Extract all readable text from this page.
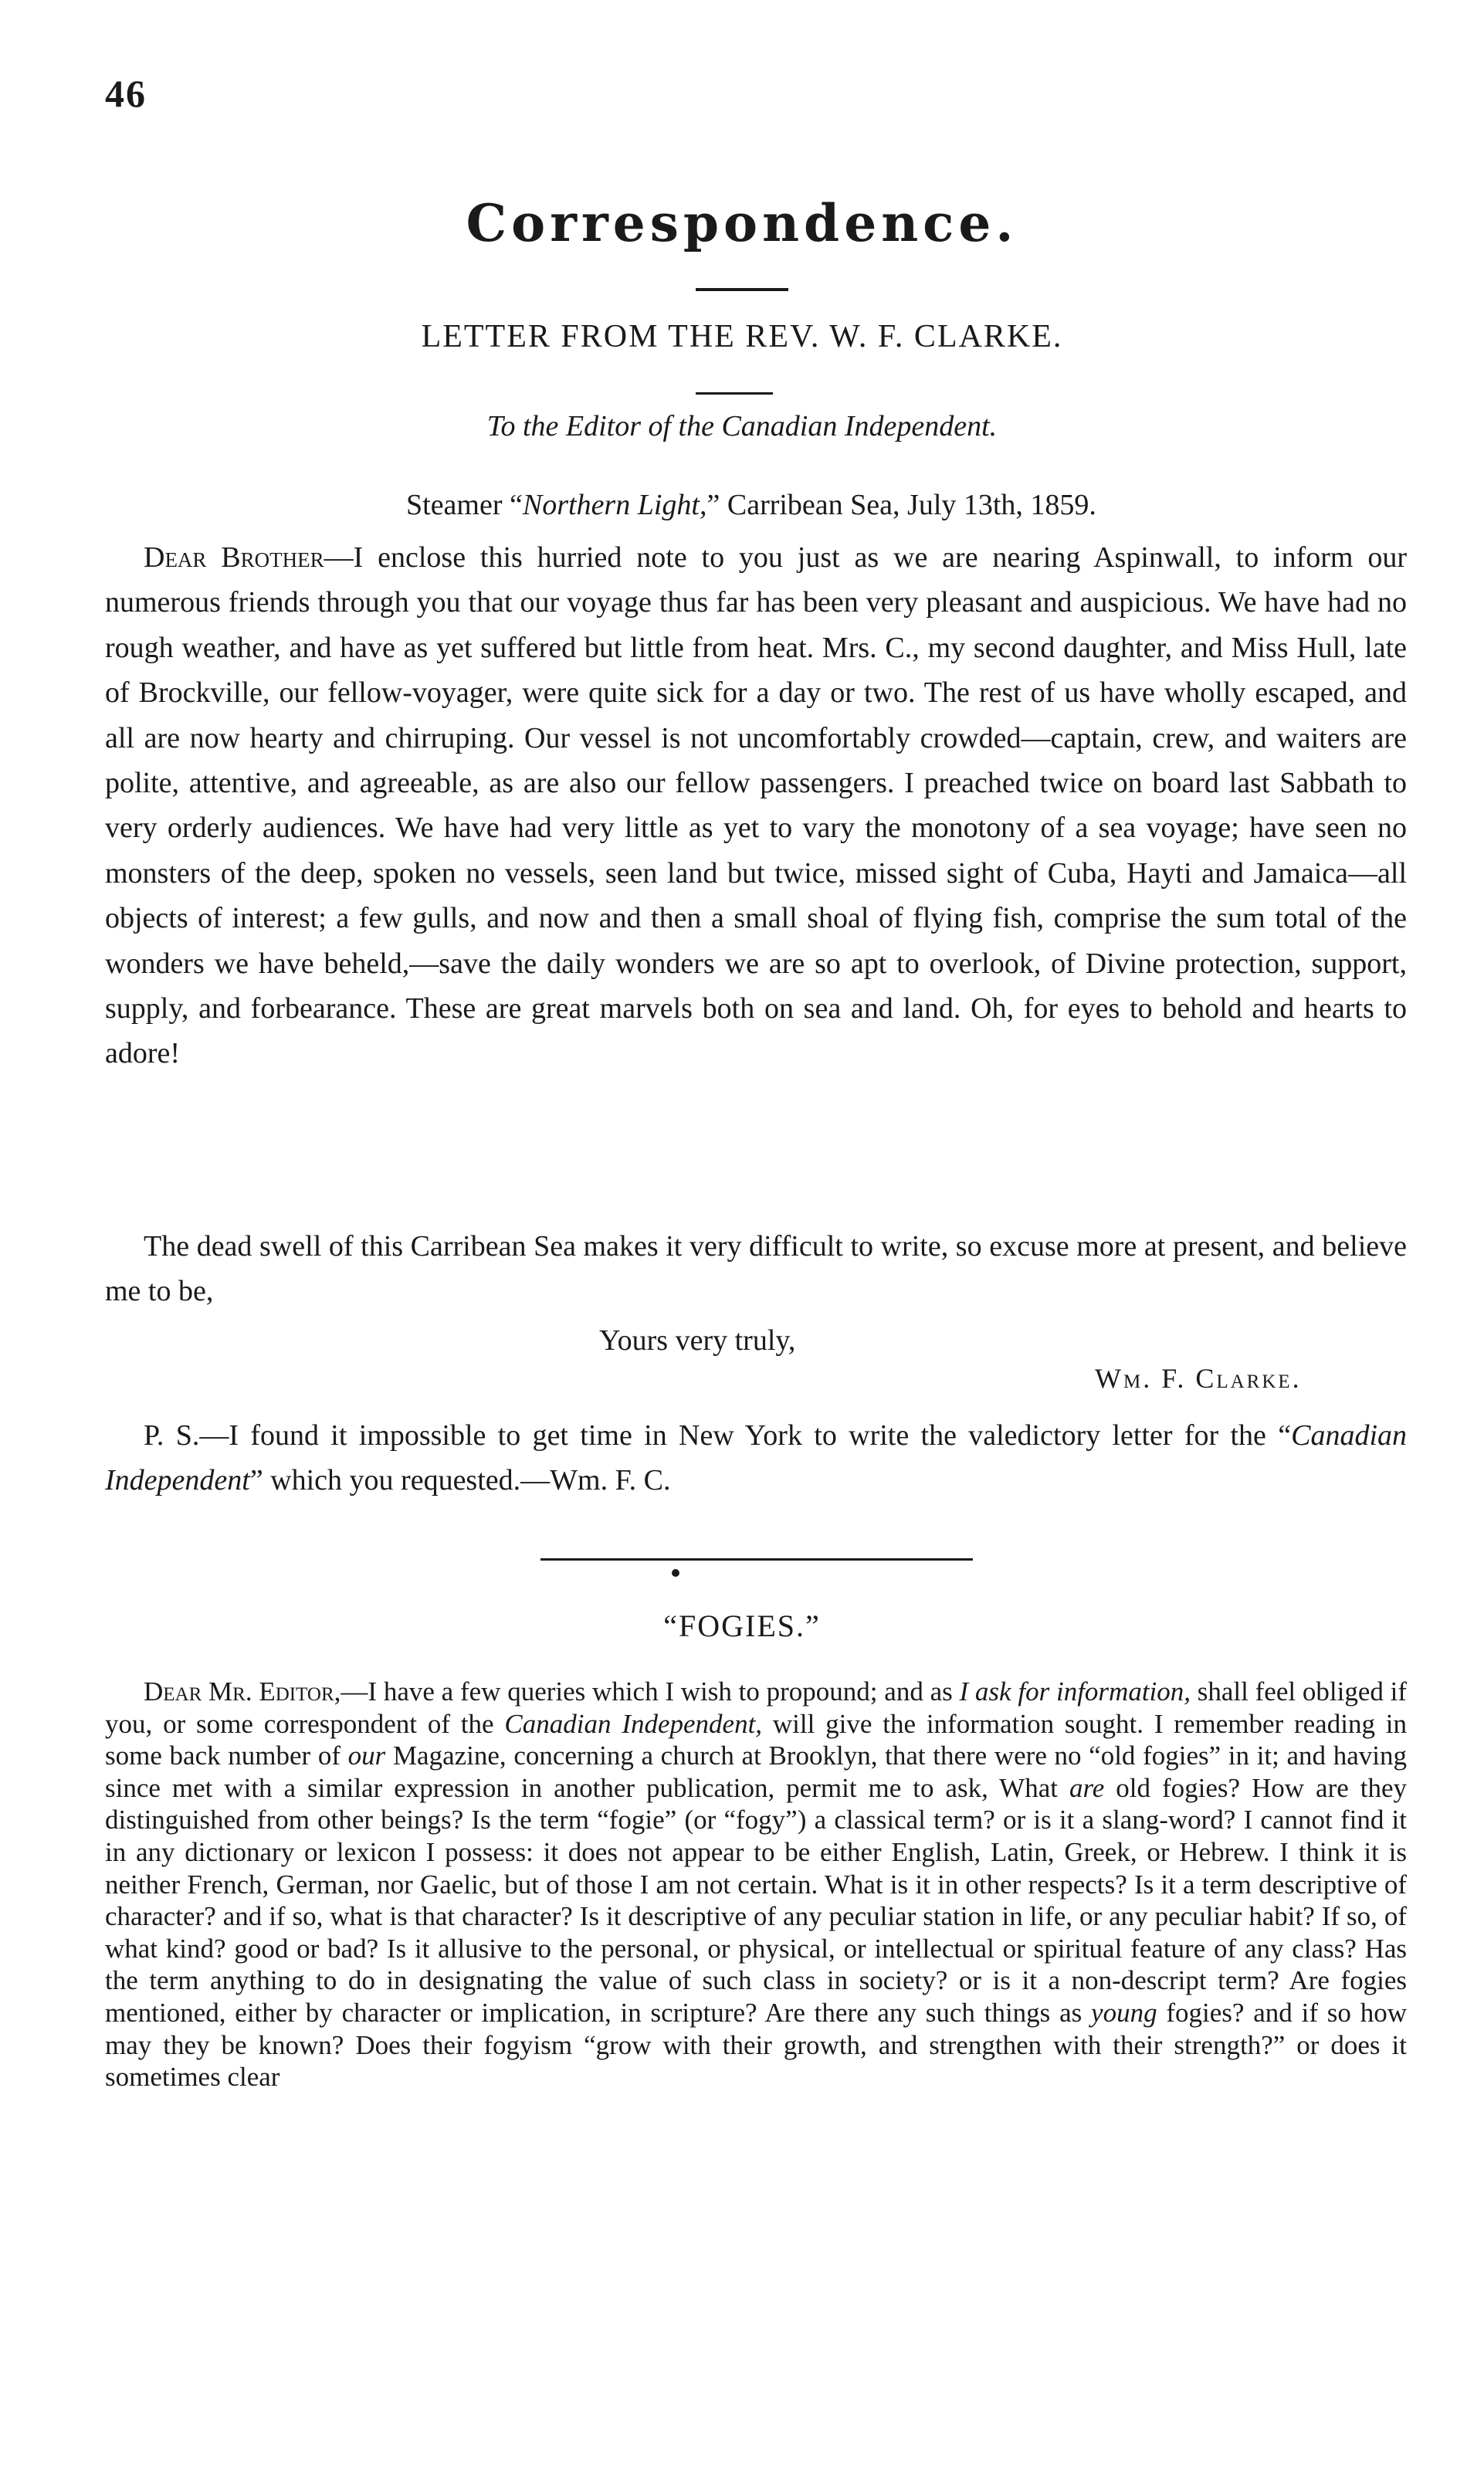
46
Correspondence.
LETTER FROM THE REV. W. F. CLARKE.
To the Editor of the Canadian Independent.
Steamer “Northern Light,” Carribean Sea, July 13th, 1859.
Dear Brother—I enclose this hurried note to you just as we are nearing Aspinwall, to inform our numerous friends through you that our voyage thus far has been very pleasant and auspicious. We have had no rough weather, and have as yet suffered but little from heat. Mrs. C., my second daughter, and Miss Hull, late of Brockville, our fellow-voyager, were quite sick for a day or two. The rest of us have wholly escaped, and all are now hearty and chirruping. Our vessel is not uncomfortably crowded—captain, crew, and waiters are polite, attentive, and agreeable, as are also our fellow passengers. I preached twice on board last Sabbath to very orderly audiences. We have had very little as yet to vary the monotony of a sea voyage; have seen no monsters of the deep, spoken no vessels, seen land but twice, missed sight of Cuba, Hayti and Jamaica—all objects of interest; a few gulls, and now and then a small shoal of flying fish, comprise the sum total of the wonders we have beheld,—save the daily wonders we are so apt to overlook, of Divine protection, support, supply, and forbearance. These are great marvels both on sea and land. Oh, for eyes to behold and hearts to adore!
The dead swell of this Carribean Sea makes it very difficult to write, so excuse more at present, and believe me to be,
Yours very truly,
Wm. F. Clarke.
P. S.—I found it impossible to get time in New York to write the valedictory letter for the “Canadian Independent” which you requested.—Wm. F. C.
“FOGIES.”
Dear Mr. Editor,—I have a few queries which I wish to propound; and as I ask for information, shall feel obliged if you, or some correspondent of the Canadian Independent, will give the information sought. I remember reading in some back number of our Magazine, concerning a church at Brooklyn, that there were no “old fogies” in it; and having since met with a similar expression in another publication, permit me to ask, What are old fogies? How are they distinguished from other beings? Is the term “fogie” (or “fogy”) a classical term? or is it a slang-word? I cannot find it in any dictionary or lexicon I possess: it does not appear to be either English, Latin, Greek, or Hebrew. I think it is neither French, German, nor Gaelic, but of those I am not certain. What is it in other respects? Is it a term descriptive of character? and if so, what is that character? Is it descriptive of any peculiar station in life, or any peculiar habit? If so, of what kind? good or bad? Is it allusive to the personal, or physical, or intellectual or spiritual feature of any class? Has the term anything to do in designating the value of such class in society? or is it a non-descript term? Are fogies mentioned, either by character or implication, in scripture? Are there any such things as young fogies? and if so how may they be known? Does their fogyism “grow with their growth, and strengthen with their strength?” or does it sometimes clear
